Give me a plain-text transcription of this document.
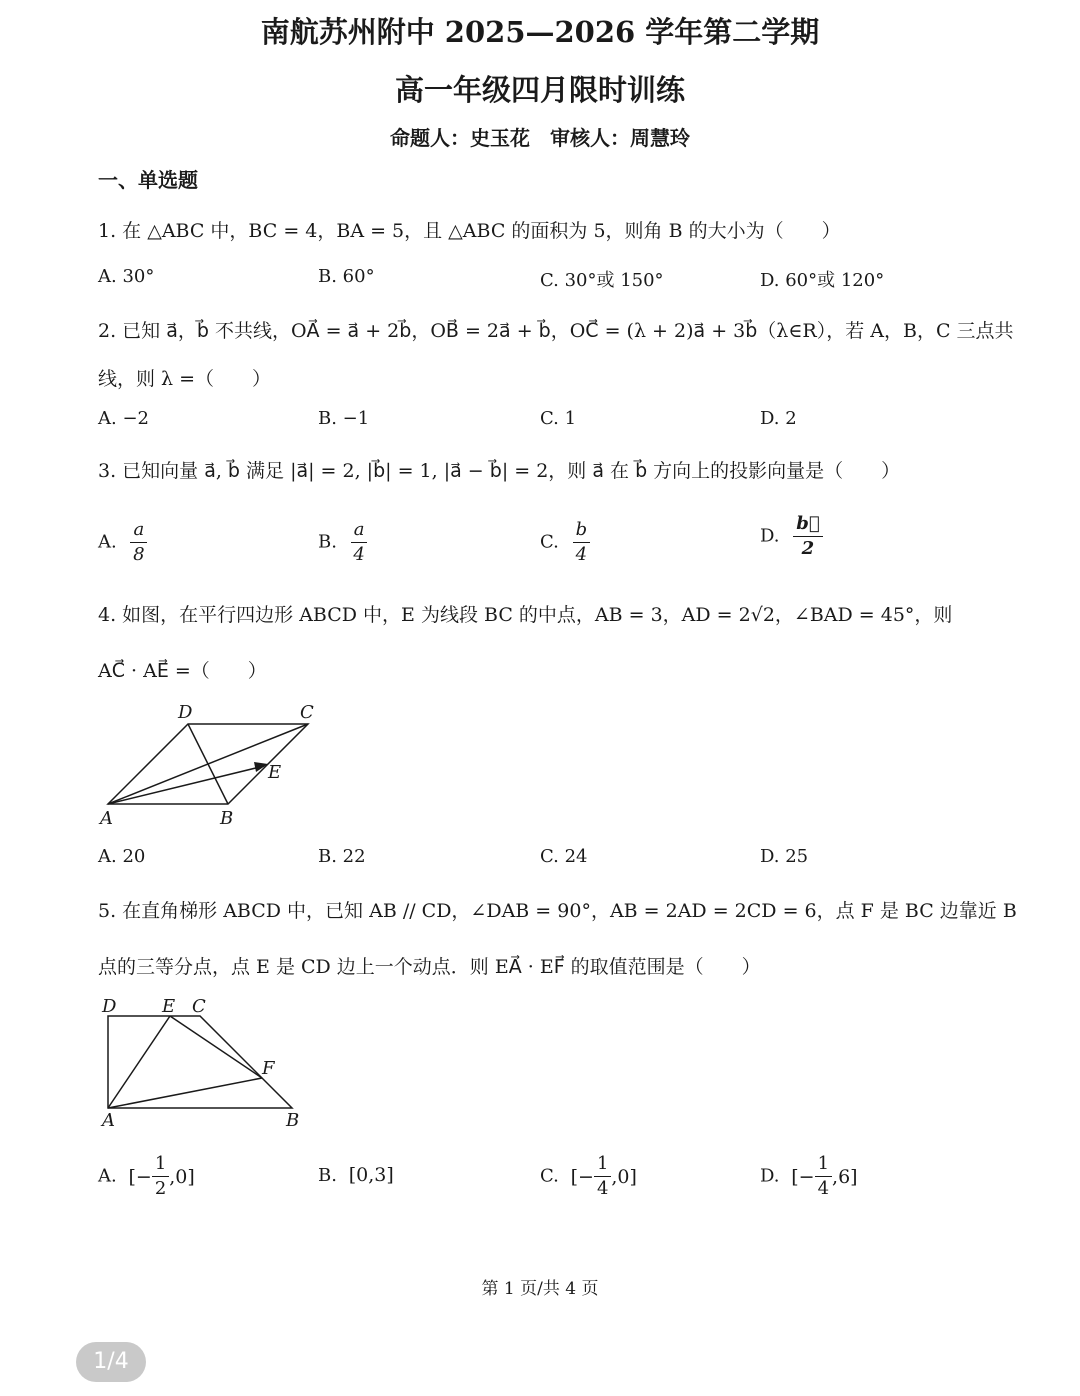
南航苏州附中 2025—2026 学年第二学期
高一年级四月限时训练
命题人：史玉花　审核人：周慧玲
一、单选题
1. 在 △ABC 中，BC = 4，BA = 5，且 △ABC 的面积为 5，则角 B 的大小为（　　）
A. 30°	B. 60°	C. 30°或 150°	D. 60°或 120°
2. 已知 a⃗，b⃗ 不共线，OA⃗ = a⃗ + 2b⃗，OB⃗ = 2a⃗ + b⃗，OC⃗ = (λ + 2)a⃗ + 3b⃗（λ∈R），若 A，B，C 三点共
线，则 λ =（　　）
A. −2	B. −1	C. 1	D. 2
3. 已知向量 a⃗, b⃗ 满足 |a⃗| = 2, |b⃗| = 1, |a⃗ − b⃗| = 2，则 a⃗ 在 b⃗ 方向上的投影向量是（　　）
A. $\frac{a}{8}$	B. $\frac{a}{4}$	C. $\frac{b}{4}$	D. $\frac{b⃗}{2}$
4. 如图，在平行四边形 ABCD 中，E 为线段 BC 的中点，AB = 3，AD = 2√2，∠BAD = 45°，则
AC⃗ · AE⃗ =（　　）
D	C
E
A	B
A. 20	B. 22	C. 24	D. 25
5. 在直角梯形 ABCD 中，已知 AB // CD，∠DAB = 90°，AB = 2AD = 2CD = 6，点 F 是 BC 边靠近 B
点的三等分点，点 E 是 CD 边上一个动点．则 EA⃗ · EF⃗ 的取值范围是（　　）
D	E C
F
A	B
A. [− $\frac{1}{2} ,0$]	B. [0,3]	C. [− $\frac{1}{4} ,0$]	D. [− $\frac{1}{4} ,6$]
第 1 页/共 4 页
1/4
